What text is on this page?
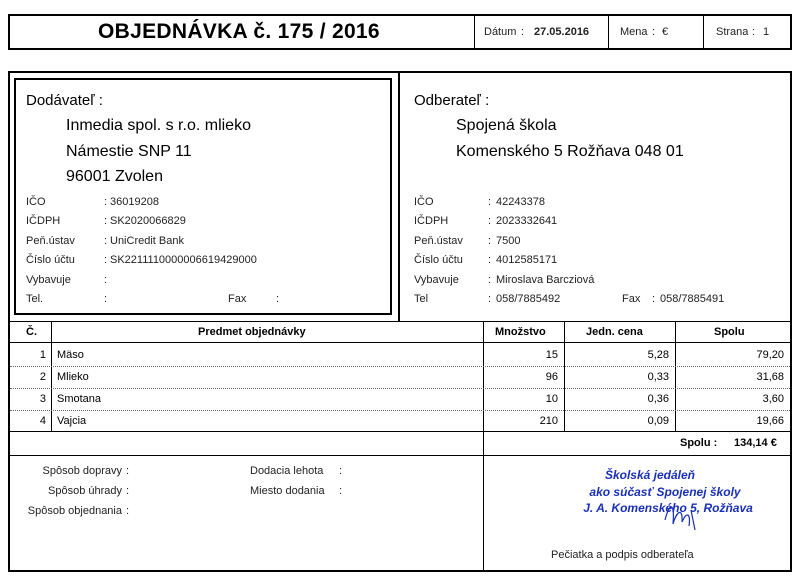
OBJEDNÁVKA č. 175 / 2016	Dátum : 27.05.2016	Mena : €	Strana : 1
Dodávateľ :
Inmedia spol. s r.o. mlieko
Námestie SNP 11
96001 Zvolen
IČO	: 36019208
IČDPH	: SK2020066829
Peň.ústav	: UniCredit Bank
Číslo účtu	: SK2211110000006619429000
Vybavuje	:
Tel.	:	Fax	:
Odberateľ :
Spojená škola
Komenského 5 Rožňava 048 01
IČO	: 42243378
IČDPH	: 2023332641
Peň.ústav : 7500
Číslo účtu : 4012585171
Vybavuje	: Miroslava Barcziová
Tel	: 058/7885492	Fax : 058/7885491
Č.	Predmet objednávky	Množstvo	Jedn. cena	Spolu
1 Mäso	15	5,28	79,20
2 Mlieko	96	0,33	31,68
3 Smotana	10	0,36	3,60
4 Vajcia	210	0,09	19,66
Spolu : 134,14 €
Spôsob dopravy :
Spôsob úhrady :
Spôsob objednania :
Dodacia lehota :
Miesto dodania :
Školská jedáleň
ako súčasť Spojenej školy
J. A. Komenského 5, Rožňava
Pečiatka a podpis odberateľa
